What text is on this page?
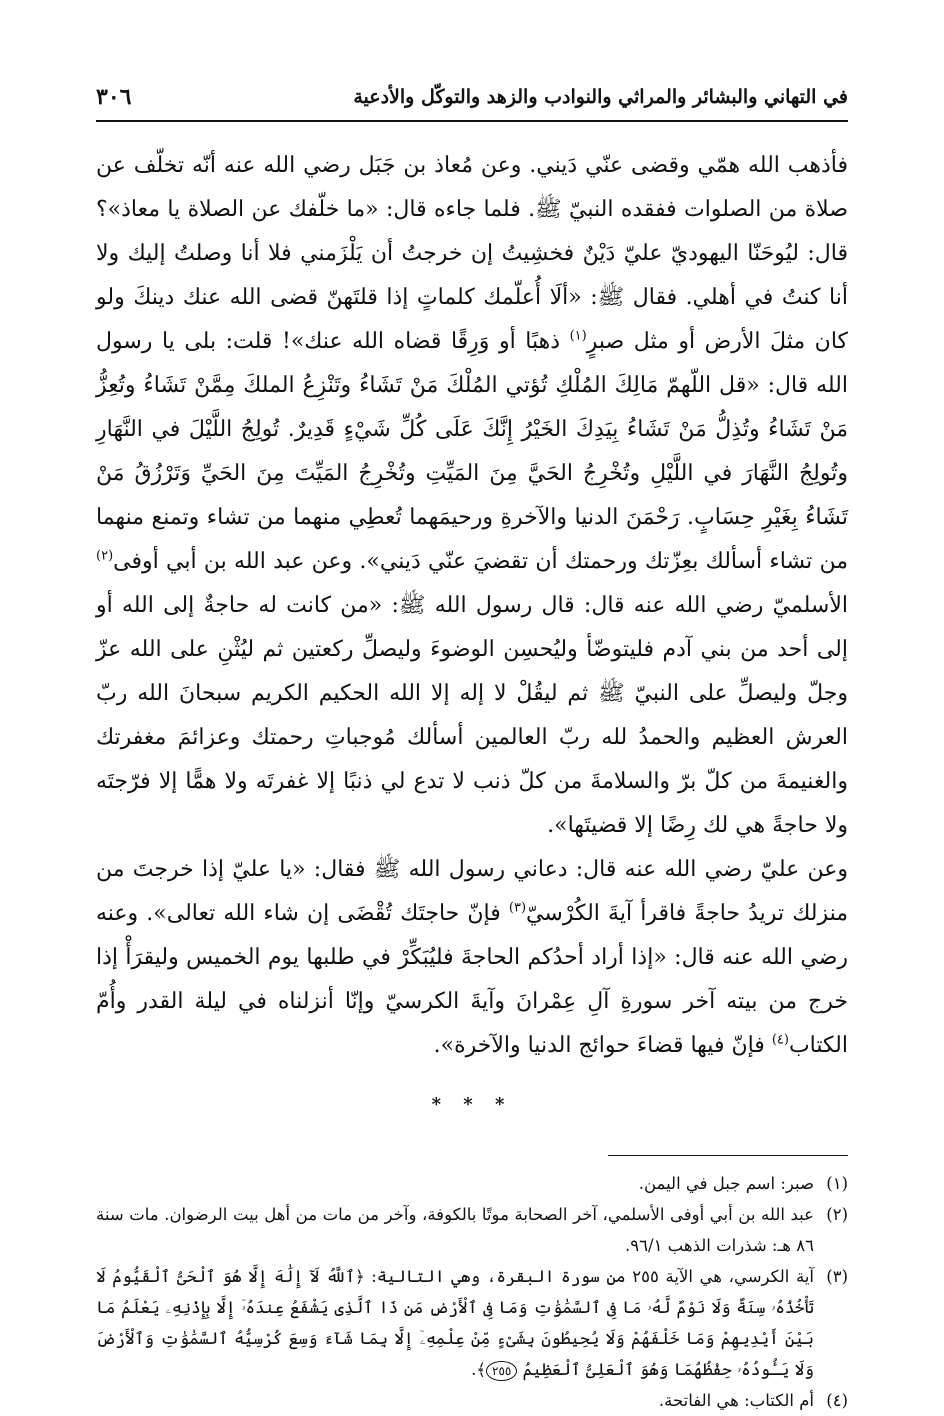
في التهاني والبشائر والمراثي والنوادب والزهد والتوكّل والأدعية
٣٠٦

فأذهب الله همّي وقضى عنّي دَيني. وعن مُعاذ بن جَبَل رضي الله عنه أنّه تخلّف عن صلاة من الصلوات ففقده النبيّ ﷺ. فلما جاءه قال: «ما خلّفك عن الصلاة يا معاذ»؟ قال: ليُوحَنّا اليهوديّ عليّ دَيْنٌ فخشِيتُ إن خرجتُ أن يَلْزَمني فلا أنا وصلتُ إليك ولا أنا كنتُ في أهلي. فقال ﷺ: «ألَا أُعلّمك كلماتٍ إذا قلتَهنّ قضى الله عنك دينكَ ولو كان مثلَ الأرض أو مثل صبرٍ$^{(١)}$ ذهبًا أو وَرِقًا قضاه الله عنك»! قلت: بلى يا رسول الله قال: «قل اللّهمّ مَالِكَ المُلْكِ تُؤتي المُلْكَ مَنْ تَشَاءُ وتَنْزِعُ الملكَ مِمَّنْ تَشَاءُ وتُعِزُّ مَنْ تَشَاءُ وتُذِلُّ مَنْ تَشَاءُ بِيَدِكَ الخَيْرُ إِنَّكَ عَلَى كُلِّ شَيْءٍ قَدِيرٌ. تُولِجُ اللَّيْلَ في النَّهَارِ وتُولِجُ النَّهَارَ في اللَّيْلِ وتُخْرِجُ الحَيَّ مِنَ المَيِّتِ وتُخْرِجُ المَيِّتَ مِنَ الحَيِّ وَتَرْزُقُ مَنْ تَشَاءُ بِغَيْرِ حِسَابٍ. رَحْمَنَ الدنيا والآخرةِ ورحيمَهما تُعطِي منهما من تشاء وتمنع منهما من تشاء أسألك بعِزّتك ورحمتك أن تقضيَ عنّي دَيني». وعن عبد الله بن أبي أوفى$^{(٢)}$ الأسلميّ رضي الله عنه قال: قال رسول الله ﷺ: «من كانت له حاجةٌ إلى الله أو إلى أحد من بني آدم فليتوضّأ وليُحسِن الوضوءَ وليصلِّ ركعتين ثم ليُثْنِ على الله عزّ وجلّ وليصلِّ على النبيّ ﷺ ثم ليقُلْ لا إله إلا الله الحكيم الكريم سبحانَ الله ربّ العرش العظيم والحمدُ لله ربّ العالمين أسألك مُوجباتِ رحمتك وعزائمَ مغفرتك والغنيمةَ من كلّ برّ والسلامةَ من كلّ ذنب لا تدع لي ذنبًا إلا غفرتَه ولا همًّا إلا فرّجتَه ولا حاجةً هي لك رِضًا إلا قضيتَها».

وعن عليّ رضي الله عنه قال: دعاني رسول الله ﷺ فقال: «يا عليّ إذا خرجتَ من منزلك تريدُ حاجةً فاقرأ آيةَ الكُرْسيّ$^{(٣)}$ فإنّ حاجتَك تُقْضَى إن شاء الله تعالى». وعنه رضي الله عنه قال: «إذا أراد أحدُكم الحاجةَ فليُبَكِّرْ في طلبها يوم الخميس وليقرَأْ إذا خرج من بيته آخر سورةِ آلِ عِمْرانَ وآيةَ الكرسيّ وإنّا أنزلناه في ليلة القدر وأُمّ الكتاب$^{(٤)}$ فإنّ فيها قضاءَ حوائج الدنيا والآخرة».

* * *
(١)
صبر: اسم جبل في اليمن.
(٢)
عبد الله بن أبي أوفى الأسلمي، آخر الصحابة موتًا بالكوفة، وآخر من مات من أهل بيت الرضوان. مات سنة ٨٦ هـ: شذرات الذهب ٩٦/١.
(٣)
آية الكرسي، هي الآية ٢٥٥ من سورة البقرة، وهي التالية: ﴿ٱللَّهُ لَآ إِلَٰهَ إِلَّا هُوَ ٱلْحَىُّ ٱلْقَيُّومُ لَا تَأْخُذُهُۥ سِنَةٌ وَلَا نَوْمٌ لَّهُۥ مَا فِى ٱلسَّمَٰوَٰتِ وَمَا فِى ٱلْأَرْضِ مَن ذَا ٱلَّذِى يَشْفَعُ عِندَهُۥٓ إِلَّا بِإِذْنِهِۦ يَعْلَمُ مَا بَيْنَ أَيْدِيهِمْ وَمَا خَلْفَهُمْ وَلَا يُحِيطُونَ بِشَىْءٍ مِّنْ عِلْمِهِۦٓ إِلَّا بِمَا شَآءَ وَسِعَ كُرْسِيُّهُ ٱلسَّمَٰوَٰتِ وَٱلْأَرْضَ وَلَا يَـُٔودُهُۥ حِفْظُهُمَا وَهُوَ ٱلْعَلِىُّ ٱلْعَظِيمُ ٢٥٥﴾.
(٤)
أم الكتاب: هي الفاتحة.
